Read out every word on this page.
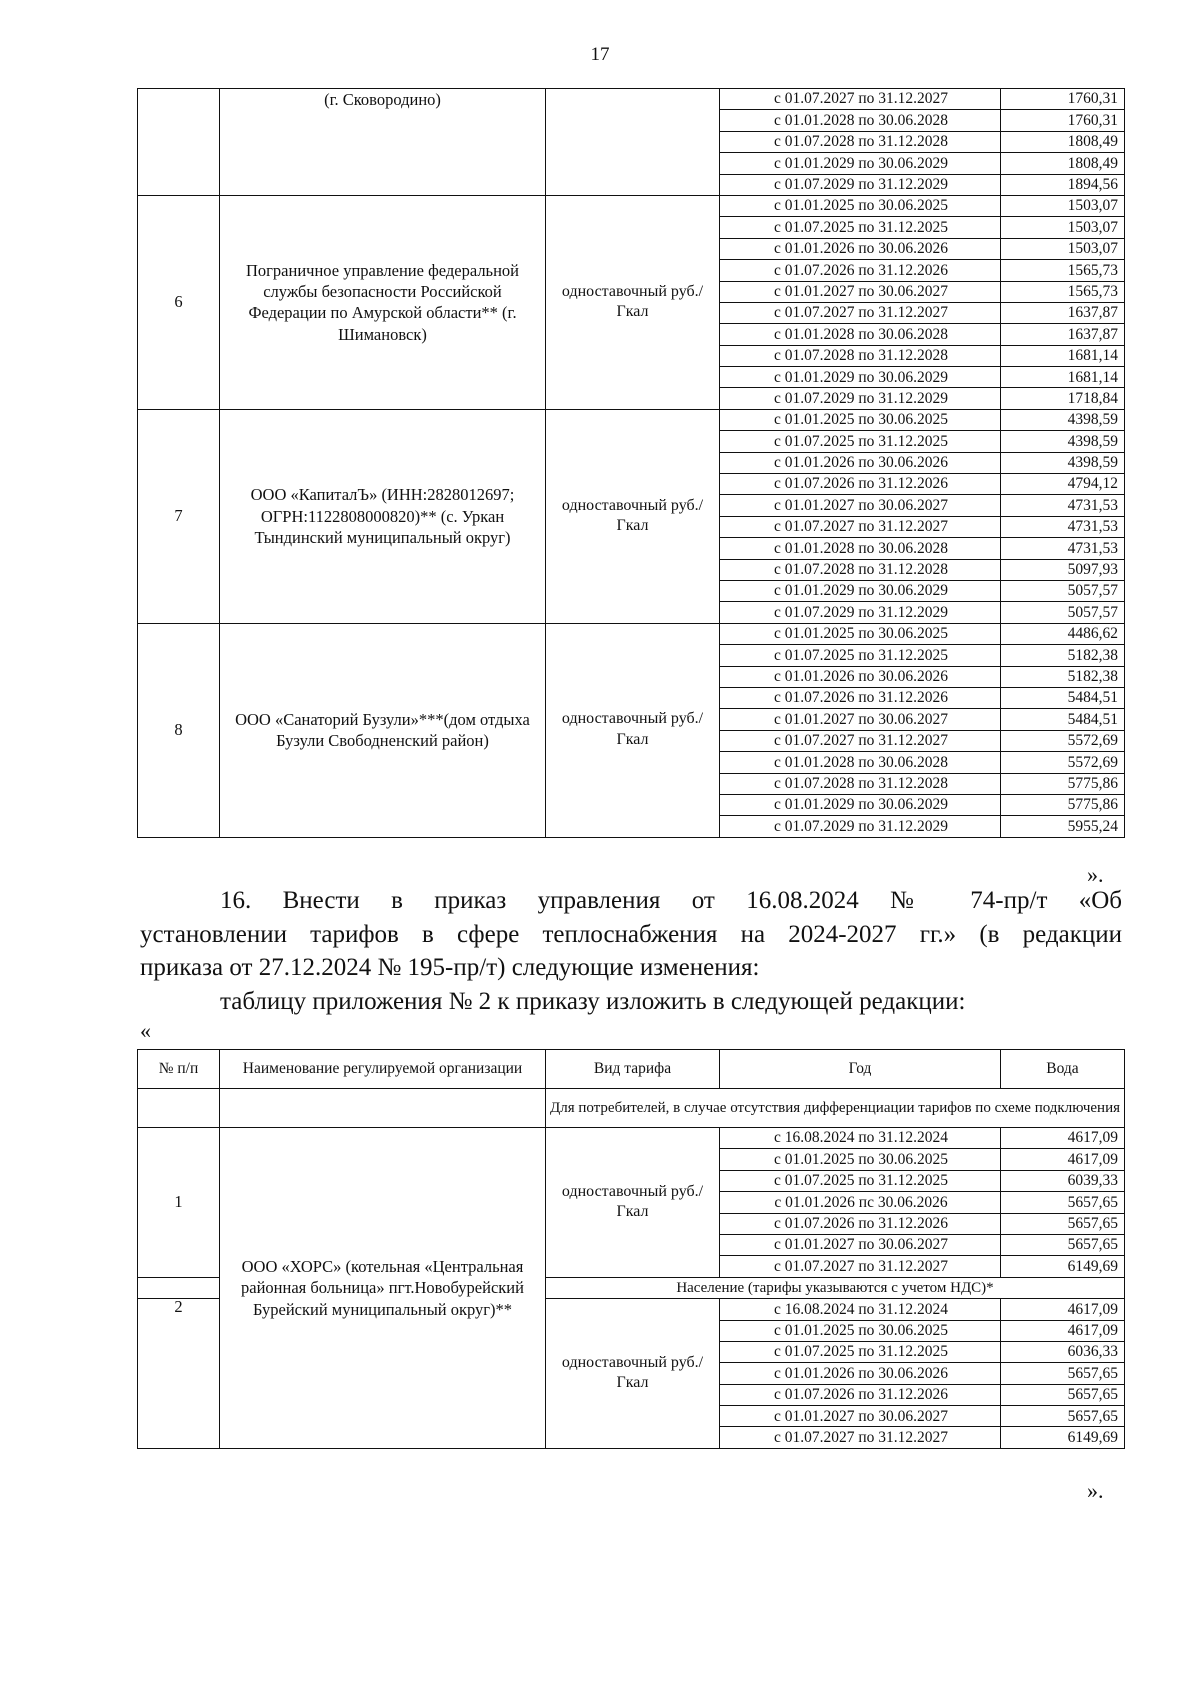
17
	(г. Сковородино)		с 01.07.2027 по 31.12.2027	1760,31
			с 01.01.2028 по 30.06.2028	1760,31
			с 01.07.2028 по 31.12.2028	1808,49
			с 01.01.2029 по 30.06.2029	1808,49
			с 01.07.2029 по 31.12.2029	1894,56
6	Пограничное управление федеральной службы безопасности Российской Федерации по Амурской области** (г. Шимановск)	одноставочный руб./Гкал	с 01.01.2025 по 30.06.2025	1503,07
			с 01.07.2025 по 31.12.2025	1503,07
			с 01.01.2026 по 30.06.2026	1503,07
			с 01.07.2026 по 31.12.2026	1565,73
			с 01.01.2027 по 30.06.2027	1565,73
			с 01.07.2027 по 31.12.2027	1637,87
			с 01.01.2028 по 30.06.2028	1637,87
			с 01.07.2028 по 31.12.2028	1681,14
			с 01.01.2029 по 30.06.2029	1681,14
			с 01.07.2029 по 31.12.2029	1718,84
7	ООО «КапиталЪ» (ИНН:2828012697; ОГРН:1122808000820)** (с. Уркан Тындинский муниципальный округ)	одноставочный руб./Гкал	с 01.01.2025 по 30.06.2025	4398,59
			с 01.07.2025 по 31.12.2025	4398,59
			с 01.01.2026 по 30.06.2026	4398,59
			с 01.07.2026 по 31.12.2026	4794,12
			с 01.01.2027 по 30.06.2027	4731,53
			с 01.07.2027 по 31.12.2027	4731,53
			с 01.01.2028 по 30.06.2028	4731,53
			с 01.07.2028 по 31.12.2028	5097,93
			с 01.01.2029 по 30.06.2029	5057,57
			с 01.07.2029 по 31.12.2029	5057,57
8	ООО «Санаторий Бузули»***(дом отдыха Бузули Свободненский район)	одноставочный руб./Гкал	с 01.01.2025 по 30.06.2025	4486,62
			с 01.07.2025 по 31.12.2025	5182,38
			с 01.01.2026 по 30.06.2026	5182,38
			с 01.07.2026 по 31.12.2026	5484,51
			с 01.01.2027 по 30.06.2027	5484,51
			с 01.07.2027 по 31.12.2027	5572,69
			с 01.01.2028 по 30.06.2028	5572,69
			с 01.07.2028 по 31.12.2028	5775,86
			с 01.01.2029 по 30.06.2029	5775,86
			с 01.07.2029 по 31.12.2029	5955,24
».
16. Внести в приказ управления от 16.08.2024 № 74-пр/т «Об
установлении тарифов в сфере теплоснабжения на 2024-2027 гг.» (в редакции
приказа от 27.12.2024 № 195-пр/т) следующие изменения:
таблицу приложения № 2 к приказу изложить в следующей редакции:
«
№ п/п	Наименование регулируемой организации	Вид тарифа	Год	Вода
		Для потребителей, в случае отсутствия дифференциации тарифов по схеме подключения		
1	ООО «ХОРС» (котельная «Центральная районная больница» пгт.Новобурейский Бурейский муниципальный округ)**	одноставочный руб./Гкал	с 16.08.2024 по 31.12.2024	4617,09
			с 01.01.2025 по 30.06.2025	4617,09
			с 01.07.2025 по 31.12.2025	6039,33
			с 01.01.2026 пс 30.06.2026	5657,65
			с 01.07.2026 по 31.12.2026	5657,65
			с 01.01.2027 по 30.06.2027	5657,65
			с 01.07.2027 по 31.12.2027	6149,69
		Население (тарифы указываются с учетом НДС)*		
2		одноставочный руб./Гкал	с 16.08.2024 по 31.12.2024	4617,09
			с 01.01.2025 по 30.06.2025	4617,09
			с 01.07.2025 по 31.12.2025	6036,33
			с 01.01.2026 по 30.06.2026	5657,65
			с 01.07.2026 по 31.12.2026	5657,65
			с 01.01.2027 по 30.06.2027	5657,65
			с 01.07.2027 по 31.12.2027	6149,69
».
